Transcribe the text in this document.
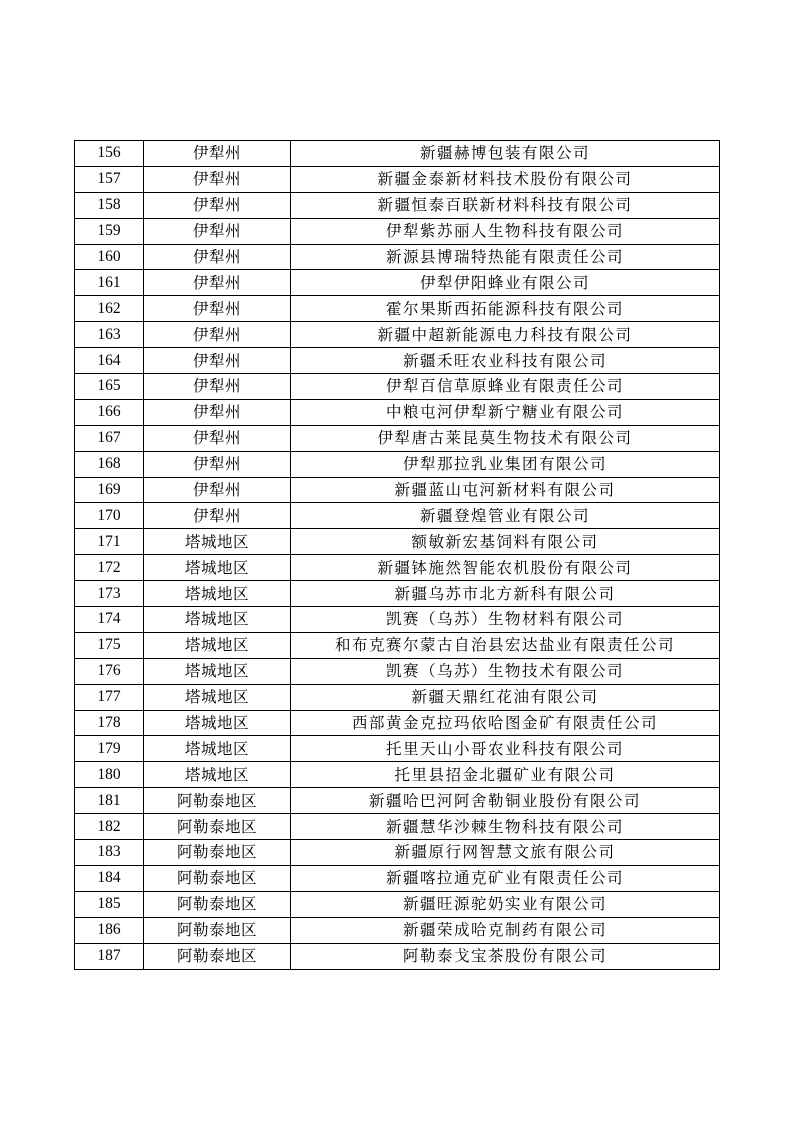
156	伊犁州	新疆赫博包装有限公司
157	伊犁州	新疆金泰新材料技术股份有限公司
158	伊犁州	新疆恒泰百联新材料科技有限公司
159	伊犁州	伊犁紫苏丽人生物科技有限公司
160	伊犁州	新源县博瑞特热能有限责任公司
161	伊犁州	伊犁伊阳蜂业有限公司
162	伊犁州	霍尔果斯西拓能源科技有限公司
163	伊犁州	新疆中超新能源电力科技有限公司
164	伊犁州	新疆禾旺农业科技有限公司
165	伊犁州	伊犁百信草原蜂业有限责任公司
166	伊犁州	中粮屯河伊犁新宁糖业有限公司
167	伊犁州	伊犁唐古莱昆莫生物技术有限公司
168	伊犁州	伊犁那拉乳业集团有限公司
169	伊犁州	新疆蓝山屯河新材料有限公司
170	伊犁州	新疆登煌管业有限公司
171	塔城地区	额敏新宏基饲料有限公司
172	塔城地区	新疆钵施然智能农机股份有限公司
173	塔城地区	新疆乌苏市北方新科有限公司
174	塔城地区	凯赛（乌苏）生物材料有限公司
175	塔城地区	和布克赛尔蒙古自治县宏达盐业有限责任公司
176	塔城地区	凯赛（乌苏）生物技术有限公司
177	塔城地区	新疆天鼎红花油有限公司
178	塔城地区	西部黄金克拉玛依哈图金矿有限责任公司
179	塔城地区	托里天山小哥农业科技有限公司
180	塔城地区	托里县招金北疆矿业有限公司
181	阿勒泰地区	新疆哈巴河阿舍勒铜业股份有限公司
182	阿勒泰地区	新疆慧华沙棘生物科技有限公司
183	阿勒泰地区	新疆原行网智慧文旅有限公司
184	阿勒泰地区	新疆喀拉通克矿业有限责任公司
185	阿勒泰地区	新疆旺源驼奶实业有限公司
186	阿勒泰地区	新疆荣成哈克制药有限公司
187	阿勒泰地区	阿勒泰戈宝茶股份有限公司
